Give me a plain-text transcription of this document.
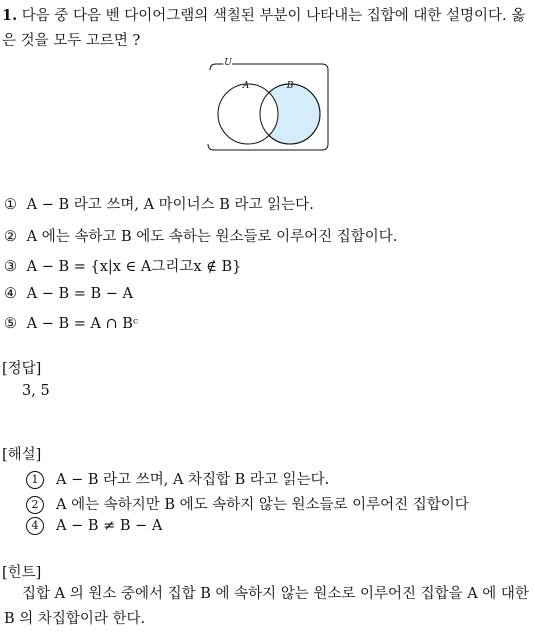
1. 다음 중 다음 벤 다이어그램의 색칠된 부분이 나타내는 집합에 대한 설명이다. 옳은 것을 모두 고르면 ?
U
A	B
① A − B 라고 쓰며, A 마이너스 B 라고 읽는다.
② A 에는 속하고 B 에도 속하는 원소들로 이루어진 집합이다.
③ A − B = {x|x ∈ A그리고x ∉ B}
④ A − B = B − A
⑤ A − B = A ∩ Bᶜ
[정답]
3, 5
[해설]
1 A − B 라고 쓰며, A 차집합 B 라고 읽는다.
2 A 에는 속하지만 B 에도 속하지 않는 원소들로 이루어진 집합이다
4 A − B ≠ B − A
[힌트]
집합 A 의 원소 중에서 집합 B 에 속하지 않는 원소로 이루어진 집합을 A 에 대한 B 의 차집합이라 한다.
